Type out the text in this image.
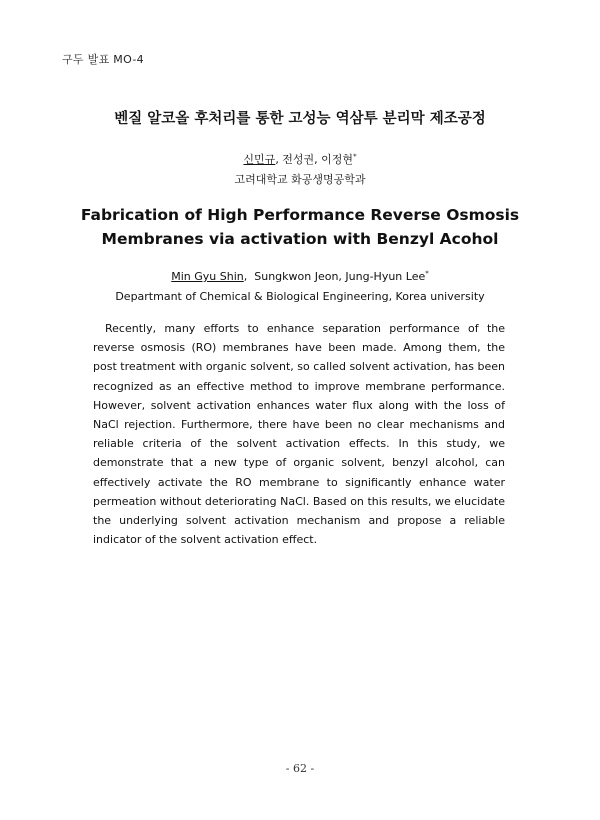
구두 발표 MO-4
벤질 알코올 후처리를 통한 고성능 역삼투 분리막 제조공정
신민규, 전성권, 이정현*
고려대학교 화공생명공학과
Fabrication of High Performance Reverse Osmosis
Membranes via activation with Benzyl Acohol
Min Gyu Shin,  Sungkwon Jeon, Jung-Hyun Lee*
Departmant of Chemical & Biological Engineering, Korea university

Recently, many efforts to enhance separation performance of the reverse osmosis (RO) membranes have been made. Among them, the post treatment with organic solvent, so called solvent activation, has been recognized as an effective method to improve membrane performance. However, solvent activation enhances water flux along with the loss of NaCl rejection. Furthermore, there have been no clear mechanisms and reliable criteria of the solvent activation effects. In this study, we demonstrate that a new type of organic solvent, benzyl alcohol, can effectively activate the RO membrane to significantly enhance water permeation without deteriorating NaCl. Based on this results, we elucidate the underlying solvent activation mechanism and propose a reliable indicator of the solvent activation effect.

- 62 -
